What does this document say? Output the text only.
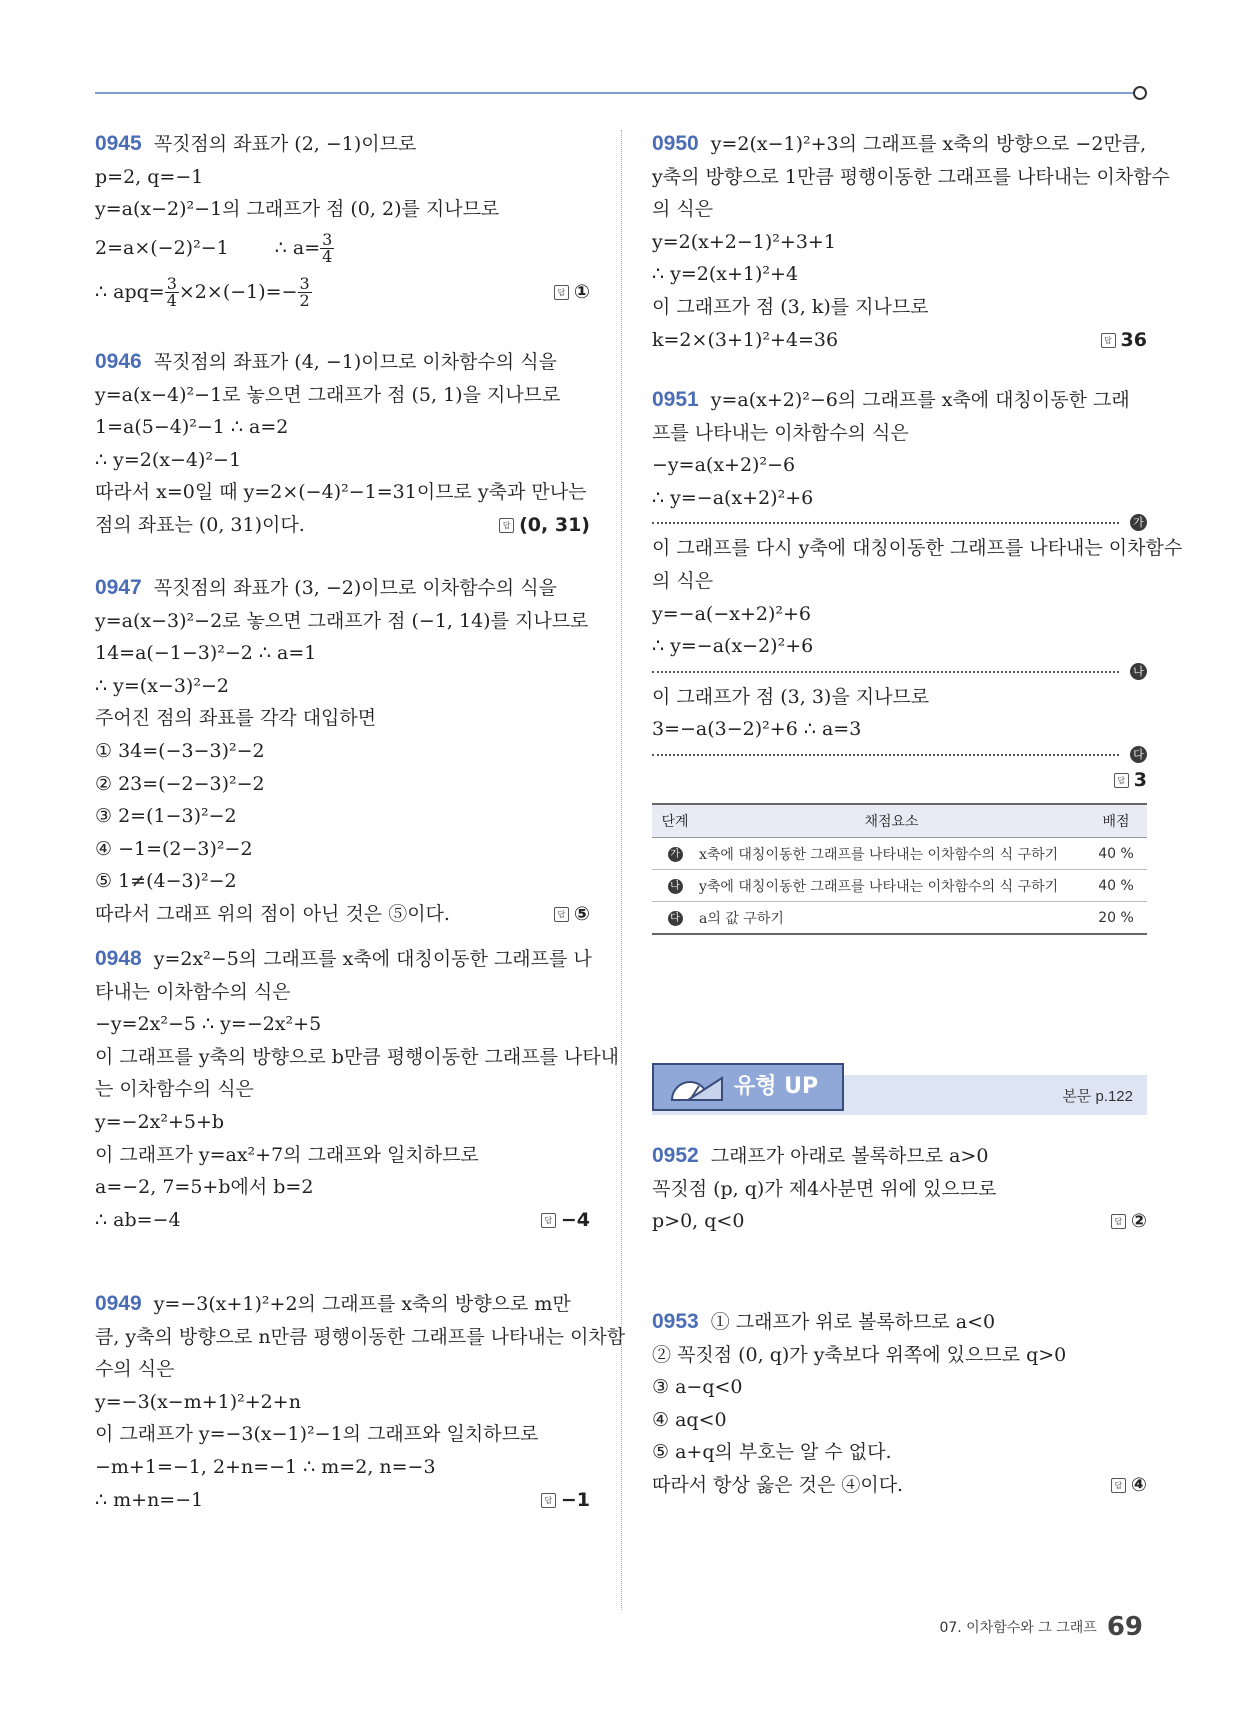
0945 꼭짓점의 좌표가 (2, −1)이므로
p=2, q=−1
y=a(x−2)²−1의 그래프가 점 (0, 2)를 지나므로
2=a×(−2)²−1 ∴ $a= \frac{3}{4}$
∴ $apq= \frac{3}{4} \times 2\times(-1)=- \frac{3}{2}$	답 ①
0946 꼭짓점의 좌표가 (4, −1)이므로 이차함수의 식을
y=a(x−4)²−1로 놓으면 그래프가 점 (5, 1)을 지나므로
1=a(5−4)²−1 ∴ a=2
∴ y=2(x−4)²−1
따라서 x=0일 때 y=2×(−4)²−1=31이므로 y축과 만나는
점의 좌표는 (0, 31)이다.	답 (0, 31)
0947 꼭짓점의 좌표가 (3, −2)이므로 이차함수의 식을
y=a(x−3)²−2로 놓으면 그래프가 점 (−1, 14)를 지나므로
14=a(−1−3)²−2 ∴ a=1
∴ y=(x−3)²−2
주어진 점의 좌표를 각각 대입하면
① 34=(−3−3)²−2
② 23=(−2−3)²−2
③ 2=(1−3)²−2
④ −1=(2−3)²−2
⑤ 1≠(4−3)²−2
따라서 그래프 위의 점이 아닌 것은 ⑤이다.	답 ⑤
0948 y=2x²−5의 그래프를 x축에 대칭이동한 그래프를 나
타내는 이차함수의 식은
−y=2x²−5 ∴ y=−2x²+5
이 그래프를 y축의 방향으로 b만큼 평행이동한 그래프를 나타내
는 이차함수의 식은
y=−2x²+5+b
이 그래프가 y=ax²+7의 그래프와 일치하므로
a=−2, 7=5+b에서 b=2
∴ ab=−4	답 −4
0949 y=−3(x+1)²+2의 그래프를 x축의 방향으로 m만
큼, y축의 방향으로 n만큼 평행이동한 그래프를 나타내는 이차함
수의 식은
y=−3(x−m+1)²+2+n
이 그래프가 y=−3(x−1)²−1의 그래프와 일치하므로
−m+1=−1, 2+n=−1 ∴ m=2, n=−3
∴ m+n=−1	답 −1
0950 y=2(x−1)²+3의 그래프를 x축의 방향으로 −2만큼,
y축의 방향으로 1만큼 평행이동한 그래프를 나타내는 이차함수
의 식은
y=2(x+2−1)²+3+1
∴ y=2(x+1)²+4
이 그래프가 점 (3, k)를 지나므로
k=2×(3+1)²+4=36	답 36
0951 y=a(x+2)²−6의 그래프를 x축에 대칭이동한 그래
프를 나타내는 이차함수의 식은
−y=a(x+2)²−6
∴ y=−a(x+2)²+6
가
이 그래프를 다시 y축에 대칭이동한 그래프를 나타내는 이차함수
의 식은
y=−a(−x+2)²+6
∴ y=−a(x−2)²+6
나
이 그래프가 점 (3, 3)을 지나므로
3=−a(3−2)²+6 ∴ a=3
다
답 3
단계	채점요소	배점
가	x축에 대칭이동한 그래프를 나타내는 이차함수의 식 구하기	40 %
나	y축에 대칭이동한 그래프를 나타내는 이차함수의 식 구하기	40 %
다	a의 값 구하기	20 %
유형 UP	본문 p.122
0952 그래프가 아래로 볼록하므로 a>0
꼭짓점 (p, q)가 제4사분면 위에 있으므로
p>0, q<0	답 ②
0953 ① 그래프가 위로 볼록하므로 a<0
② 꼭짓점 (0, q)가 y축보다 위쪽에 있으므로 q>0
③ a−q<0
④ aq<0
⑤ a+q의 부호는 알 수 없다.
따라서 항상 옳은 것은 ④이다.	답 ④
07. 이차함수와 그 그래프 69
